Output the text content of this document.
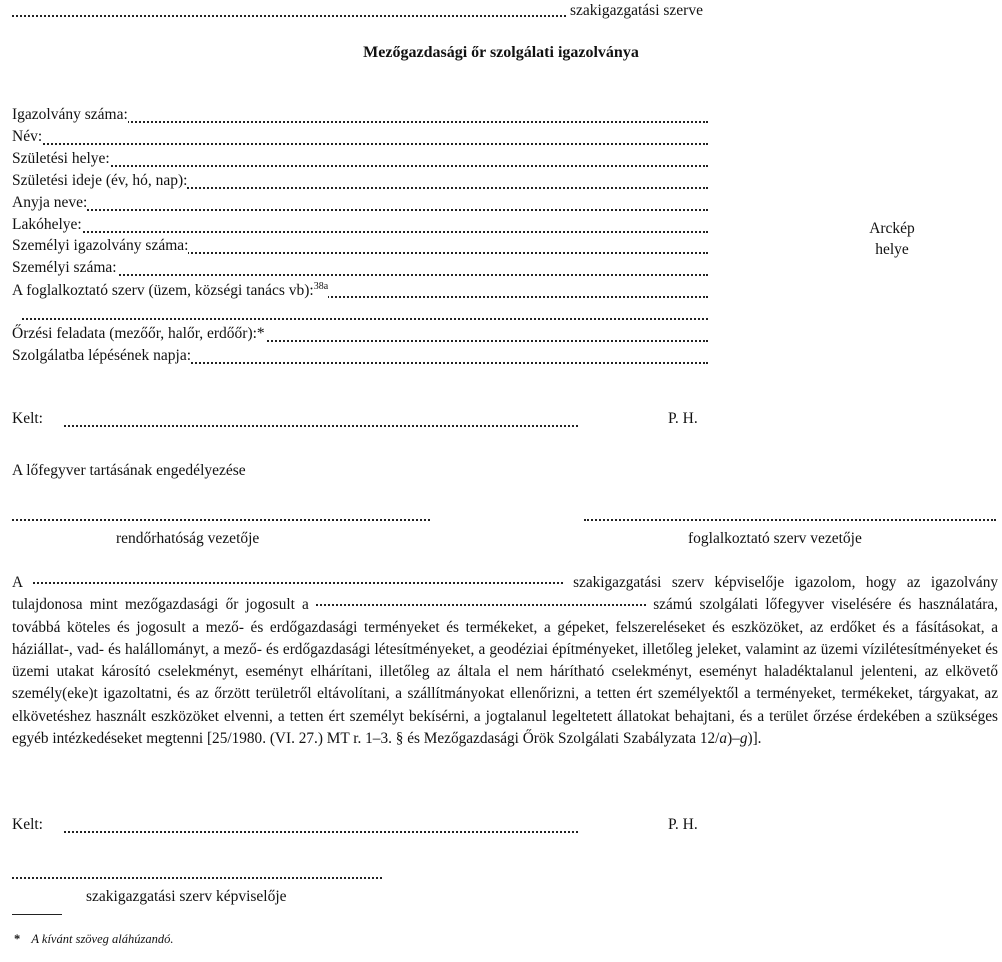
szakigazgatási szerve
Mezőgazdasági őr szolgálati igazolványa
Igazolvány száma:
Név:
Születési helye:
Születési ideje (év, hó, nap):
Anyja neve:
Lakóhelye:
Személyi igazolvány száma:
Személyi száma:
A foglalkoztató szerv (üzem, községi tanács vb):$^{38a}$
Őrzési feladata (mezőőr, halőr, erdőőr):*
Szolgálatba lépésének napja:
Arckép
helye
Kelt:	P. H.
A lőfegyver tartásának engedélyezése
rendőrhatóság vezetője	foglalkoztató szerv vezetője
A	szakigazgatási szerv képviselője igazolom, hogy az igazolvány tulajdonosa mint mezőgazdasági őr jogosult a	számú szolgálati lőfegyver viselésére és használatára, továbbá köteles és jogosult a mező- és erdőgazdasági terményeket és termékeket, a gépeket, felszereléseket és eszközöket, az erdőket és a fásításokat, a háziállat-, vad- és halállományt, a mező- és erdőgazdasági létesítményeket, a geodéziai építményeket, illetőleg jeleket, valamint az üzemi vízilétesítményeket és üzemi utakat károsító cselekményt, eseményt elhárítani, illetőleg az általa el nem hárítható cselekményt, eseményt haladéktalanul jelenteni, az elkövető személy(eke)t igazoltatni, és az őrzött területről eltávolítani, a szállítmányokat ellenőrizni, a tetten ért személyektől a terményeket, termékeket, tárgyakat, az elkövetéshez használt eszközöket elvenni, a tetten ért személyt bekísérni, a jogtalanul legeltetett állatokat behajtani, és a terület őrzése érdekében a szükséges egyéb intézkedéseket megtenni [25/1980. (VI. 27.) MT r. 1–3. § és Mezőgazdasági Őrök Szolgálati Szabályzata 12/a)–g)].
Kelt:	P. H.
szakigazgatási szerv képviselője
* A kívánt szöveg aláhúzandó.
